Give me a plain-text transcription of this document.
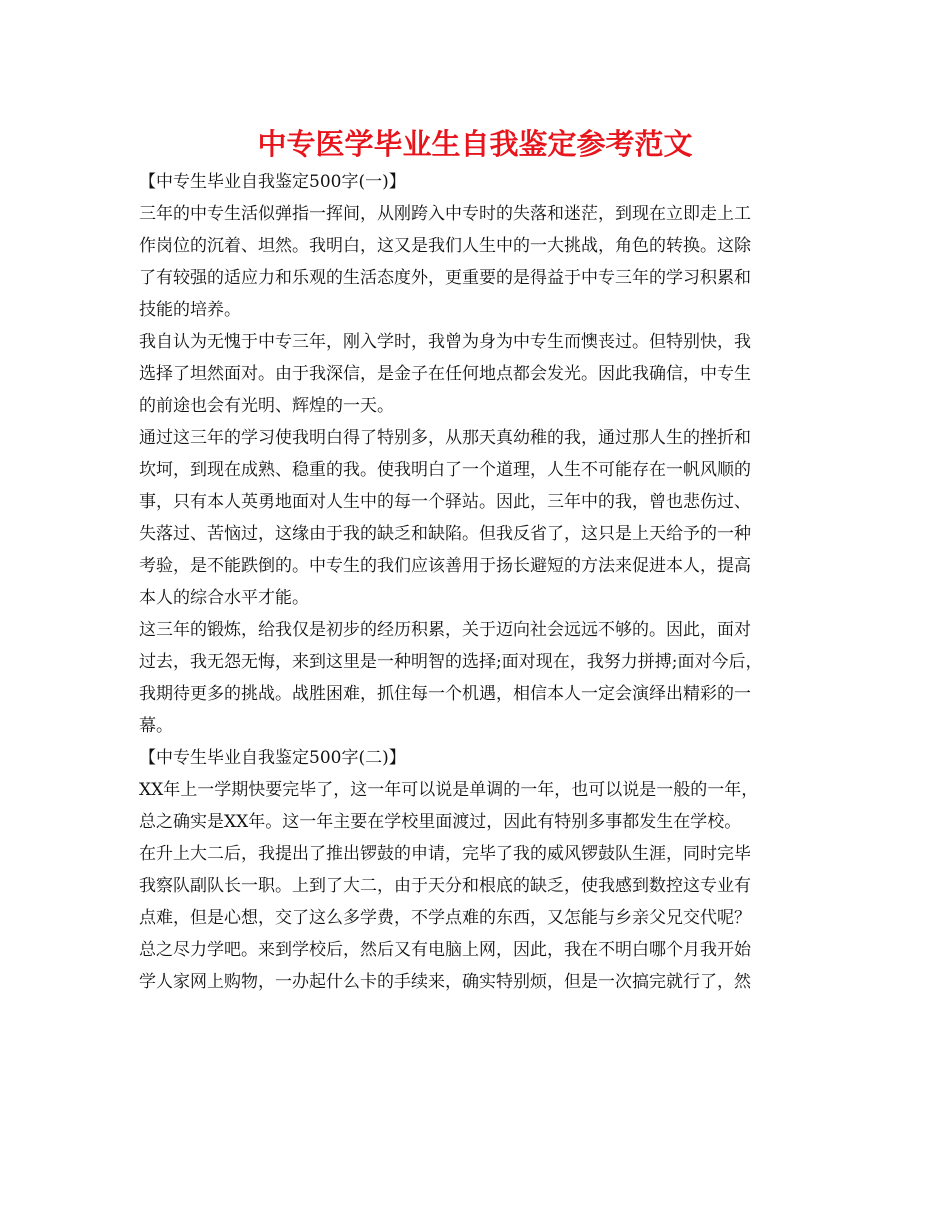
中专医学毕业生自我鉴定参考范文

【中专生毕业自我鉴定500字(一)】

三年的中专生活似弹指一挥间，从刚跨入中专时的失落和迷茫，到现在立即走上工
作岗位的沉着、坦然。我明白，这又是我们人生中的一大挑战，角色的转换。这除
了有较强的适应力和乐观的生活态度外，更重要的是得益于中专三年的学习积累和
技能的培养。

我自认为无愧于中专三年，刚入学时，我曾为身为中专生而懊丧过。但特别快，我
选择了坦然面对。由于我深信，是金子在任何地点都会发光。因此我确信，中专生
的前途也会有光明、辉煌的一天。

通过这三年的学习使我明白得了特别多，从那天真幼稚的我，通过那人生的挫折和
坎坷，到现在成熟、稳重的我。使我明白了一个道理，人生不可能存在一帆风顺的
事，只有本人英勇地面对人生中的每一个驿站。因此，三年中的我，曾也悲伤过、
失落过、苦恼过，这缘由于我的缺乏和缺陷。但我反省了，这只是上天给予的一种
考验，是不能跌倒的。中专生的我们应该善用于扬长避短的方法来促进本人，提高
本人的综合水平才能。

这三年的锻炼，给我仅是初步的经历积累，关于迈向社会远远不够的。因此，面对
过去，我无怨无悔，来到这里是一种明智的选择;面对现在，我努力拼搏;面对今后，
我期待更多的挑战。战胜困难，抓住每一个机遇，相信本人一定会演绎出精彩的一
幕。

【中专生毕业自我鉴定500字(二)】

XX年上一学期快要完毕了，这一年可以说是单调的一年，也可以说是一般的一年，
总之确实是XX年。这一年主要在学校里面渡过，因此有特别多事都发生在学校。
在升上大二后，我提出了推出锣鼓的申请，完毕了我的威风锣鼓队生涯，同时完毕
我察队副队长一职。上到了大二，由于天分和根底的缺乏，使我感到数控这专业有
点难，但是心想，交了这么多学费，不学点难的东西，又怎能与乡亲父兄交代呢？
总之尽力学吧。来到学校后，然后又有电脑上网，因此，我在不明白哪个月我开始
学人家网上购物，一办起什么卡的手续来，确实特别烦，但是一次搞完就行了，然
